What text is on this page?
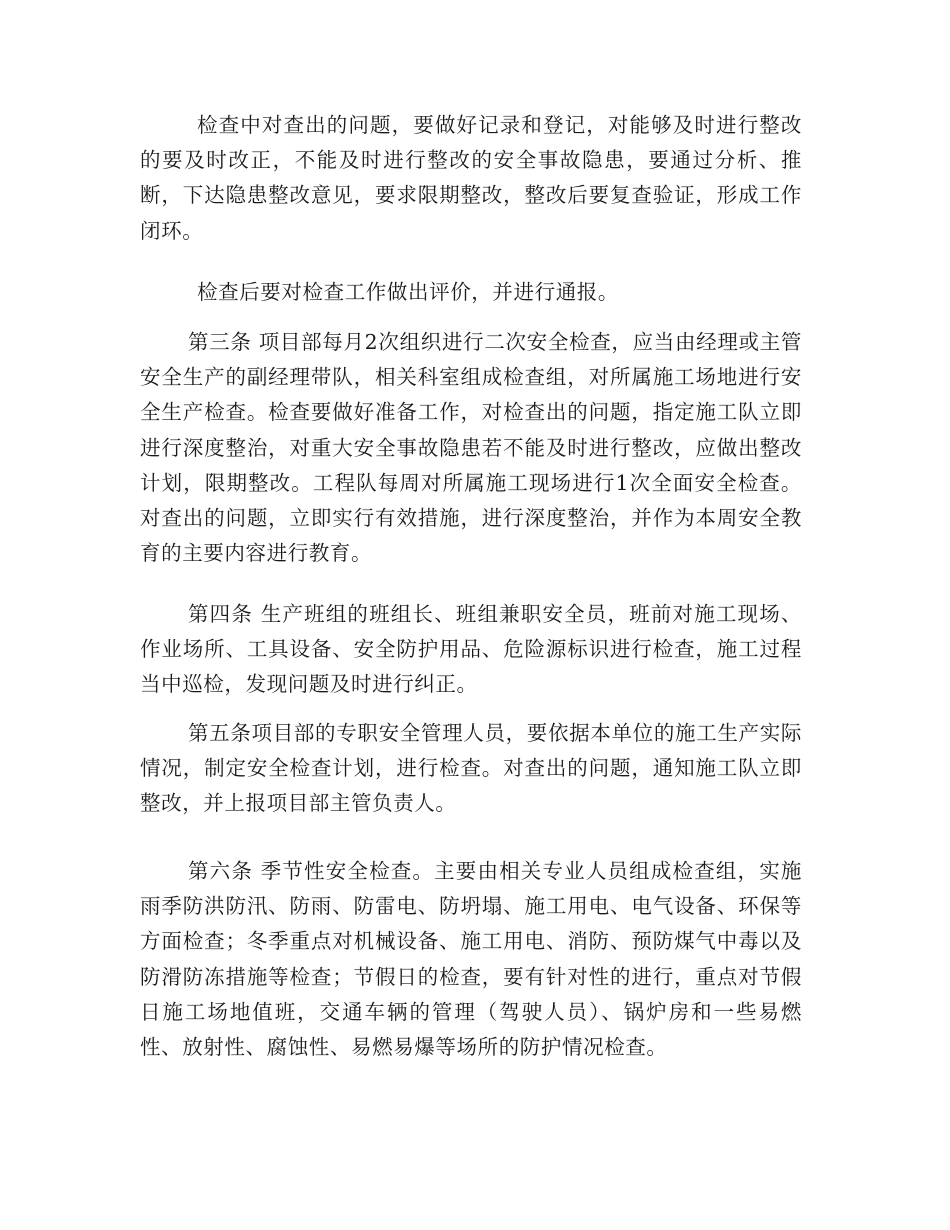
检查中对查出的问题，要做好记录和登记，对能够及时进行整改的要及时改正，不能及时进行整改的安全事故隐患，要通过分析、推断，下达隐患整改意见，要求限期整改，整改后要复查验证，形成工作闭环。

检查后要对检查工作做出评价，并进行通报。

第三条 项目部每月2次组织进行二次安全检查，应当由经理或主管安全生产的副经理带队，相关科室组成检查组，对所属施工场地进行安全生产检查。检查要做好准备工作，对检查出的问题，指定施工队立即进行深度整治，对重大安全事故隐患若不能及时进行整改，应做出整改计划，限期整改。工程队每周对所属施工现场进行1次全面安全检查。对查出的问题，立即实行有效措施，进行深度整治，并作为本周安全教育的主要内容进行教育。

第四条 生产班组的班组长、班组兼职安全员，班前对施工现场、作业场所、工具设备、安全防护用品、危险源标识进行检查，施工过程当中巡检，发现问题及时进行纠正。

第五条项目部的专职安全管理人员，要依据本单位的施工生产实际情况，制定安全检查计划，进行检查。对查出的问题，通知施工队立即整改，并上报项目部主管负责人。

第六条 季节性安全检查。主要由相关专业人员组成检查组，实施雨季防洪防汛、防雨、防雷电、防坍塌、施工用电、电气设备、环保等方面检查；冬季重点对机械设备、施工用电、消防、预防煤气中毒以及防滑防冻措施等检查；节假日的检查，要有针对性的进行，重点对节假日施工场地值班，交通车辆的管理（驾驶人员）、锅炉房和一些易燃性、放射性、腐蚀性、易燃易爆等场所的防护情况检查。
